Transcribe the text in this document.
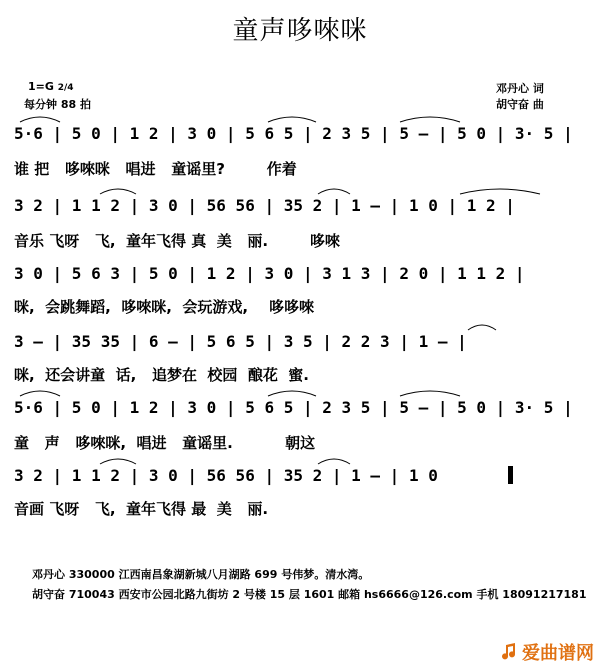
童声哆唻咪
1=G 2/4
每分钟 88 拍
邓丹心 词
胡守奋 曲
5·6 | 5 0 | 1 2 | 3 0 | 5 6 5 | 2 3 5 | 5 — | 5 0 | 3· 5 |
谁 把   哆唻咪   唱进   童谣里?        作着
3 2 | 1 1 2 | 3 0 | 56 56 | 35 2 | 1 — | 1 0 | 1 2 |
音乐 飞呀   飞,  童年飞得 真  美   丽.        哆唻
3 0 | 5 6 3 | 5 0 | 1 2 | 3 0 | 3 1 3 | 2 0 | 1 1 2 |
咪,  会跳舞蹈,  哆唻咪,  会玩游戏,    哆哆唻
3 — | 35 35 | 6 — | 5 6 5 | 3 5 | 2 2 3 | 1 — |
咪,  还会讲童  话,   追梦在  校园  酿花  蜜.
5·6 | 5 0 | 1 2 | 3 0 | 5 6 5 | 2 3 5 | 5 — | 5 0 | 3· 5 |
童   声   哆唻咪,  唱进   童谣里.          朝这
3 2 | 1 1 2 | 3 0 | 56 56 | 35 2 | 1 — | 1 0
音画 飞呀   飞,  童年飞得 最  美   丽.
邓丹心 330000 江西南昌象湖新城八月湖路 699 号伟梦。清水湾。
胡守奋 710043 西安市公园北路九街坊 2 号楼 15 层 1601 邮箱 hs6666@126.com 手机 18091217181
爱曲谱网
